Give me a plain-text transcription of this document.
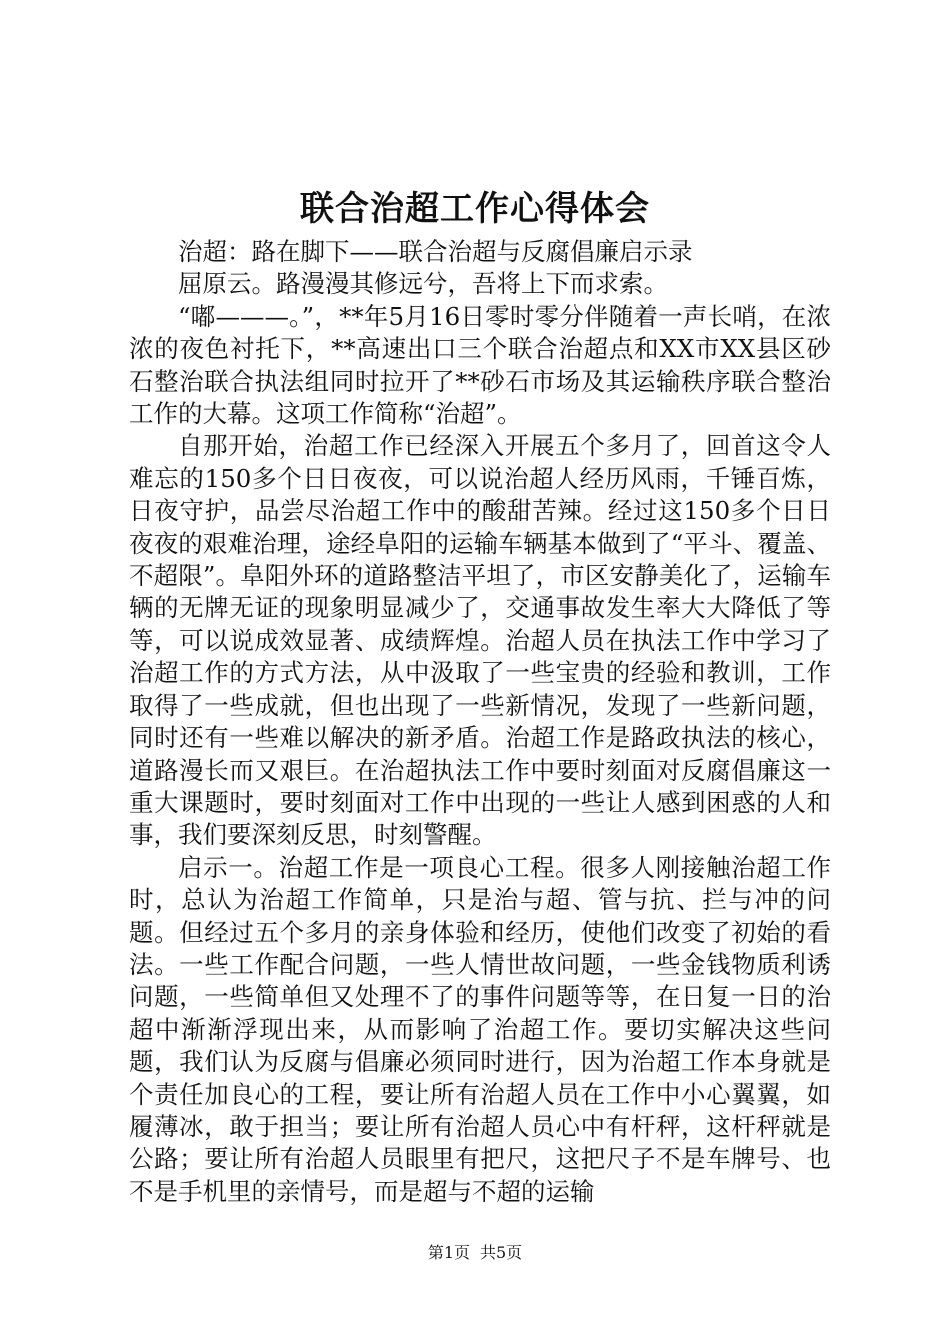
联合治超工作心得体会

治超：路在脚下——联合治超与反腐倡廉启示录

屈原云。路漫漫其修远兮，吾将上下而求索。

“嘟———。”，**年5月16日零时零分伴随着一声长哨，在浓浓的夜色衬托下，**高速出口三个联合治超点和XX市XX县区砂石整治联合执法组同时拉开了**砂石市场及其运输秩序联合整治工作的大幕。这项工作简称“治超”。

自那开始，治超工作已经深入开展五个多月了，回首这令人难忘的150多个日日夜夜，可以说治超人经历风雨，千锤百炼，日夜守护，品尝尽治超工作中的酸甜苦辣。经过这150多个日日夜夜的艰难治理，途经阜阳的运输车辆基本做到了“平斗、覆盖、不超限”。阜阳外环的道路整洁平坦了，市区安静美化了，运输车辆的无牌无证的现象明显减少了，交通事故发生率大大降低了等等，可以说成效显著、成绩辉煌。治超人员在执法工作中学习了治超工作的方式方法，从中汲取了一些宝贵的经验和教训，工作取得了一些成就，但也出现了一些新情况，发现了一些新问题，同时还有一些难以解决的新矛盾。治超工作是路政执法的核心，道路漫长而又艰巨。在治超执法工作中要时刻面对反腐倡廉这一重大课题时，要时刻面对工作中出现的一些让人感到困惑的人和事，我们要深刻反思，时刻警醒。

启示一。治超工作是一项良心工程。很多人刚接触治超工作时，总认为治超工作简单，只是治与超、管与抗、拦与冲的问题。但经过五个多月的亲身体验和经历，使他们改变了初始的看法。一些工作配合问题，一些人情世故问题，一些金钱物质利诱问题，一些简单但又处理不了的事件问题等等，在日复一日的治超中渐渐浮现出来，从而影响了治超工作。要切实解决这些问题，我们认为反腐与倡廉必须同时进行，因为治超工作本身就是个责任加良心的工程，要让所有治超人员在工作中小心翼翼，如履薄冰，敢于担当；要让所有治超人员心中有杆秤，这杆秤就是公路；要让所有治超人员眼里有把尺，这把尺子不是车牌号、也不是手机里的亲情号，而是超与不超的运输

第1页 共5页
